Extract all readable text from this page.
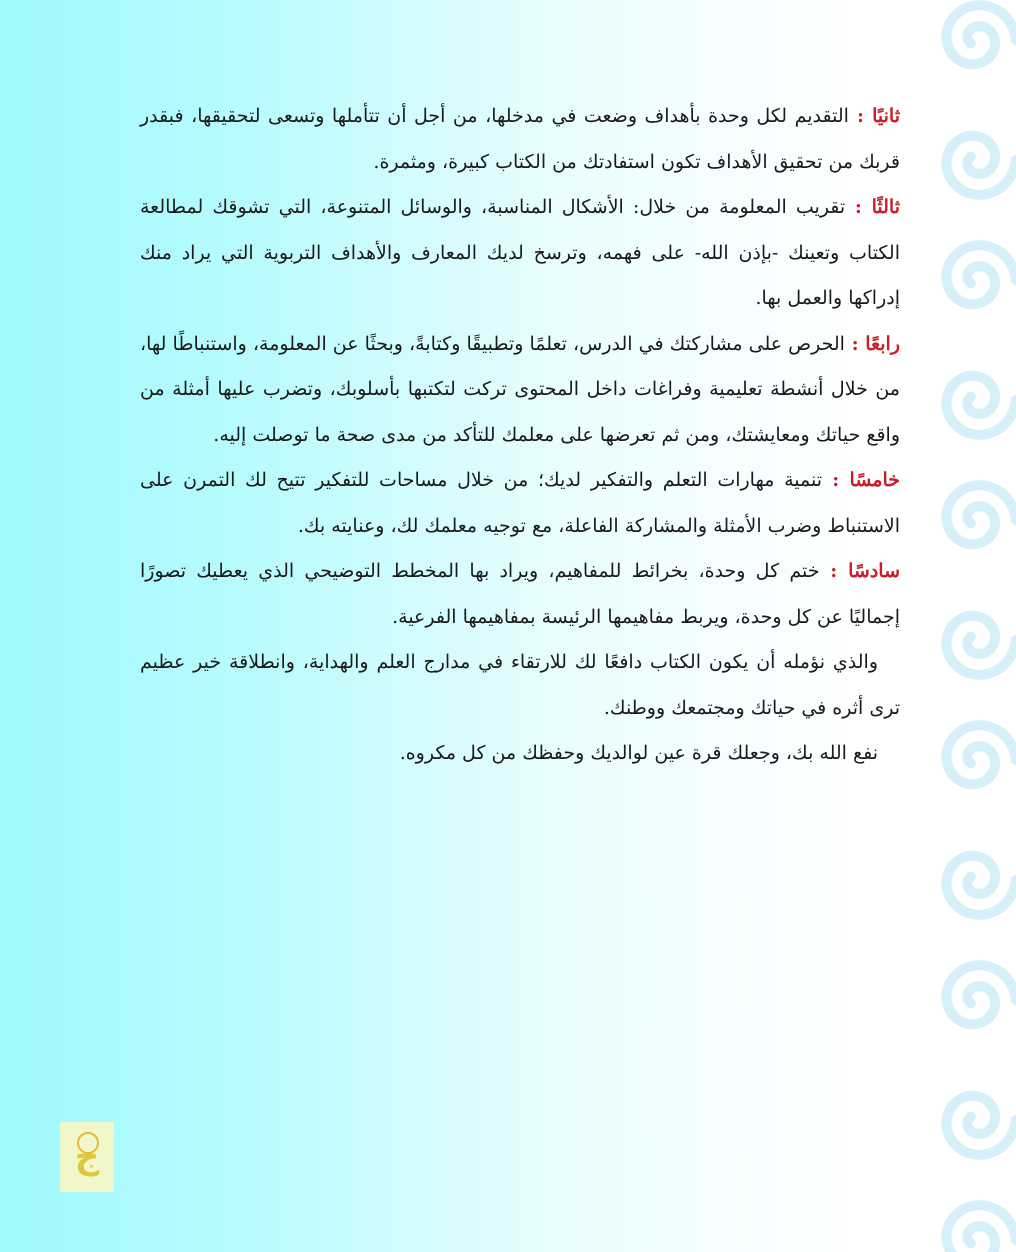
ثانيًا : التقديم لكل وحدة بأهداف وضعت في مدخلها، من أجل أن تتأملها وتسعى لتحقيقها، فبقدر قربك من تحقيق الأهداف تكون استفادتك من الكتاب كبيرة، ومثمرة.

ثالثًا : تقريب المعلومة من خلال: الأشكال المناسبة، والوسائل المتنوعة، التي تشوقك لمطالعة الكتاب وتعينك -بإذن الله- على فهمه، وترسخ لديك المعارف والأهداف التربوية التي يراد منك إدراكها والعمل بها.

رابعًا : الحرص على مشاركتك في الدرس، تعلمًا وتطبيقًا وكتابةً، وبحثًا عن المعلومة، واستنباطًا لها، من خلال أنشطة تعليمية وفراغات داخل المحتوى تركت لتكتبها بأسلوبك، وتضرب عليها أمثلة من واقع حياتك ومعايشتك، ومن ثم تعرضها على معلمك للتأكد من مدى صحة ما توصلت إليه.

خامسًا : تنمية مهارات التعلم والتفكير لديك؛ من خلال مساحات للتفكير تتيح لك التمرن على الاستنباط وضرب الأمثلة والمشاركة الفاعلة، مع توجيه معلمك لك، وعنايته بك.

سادسًا : ختم كل وحدة، بخرائط للمفاهيم، ويراد بها المخطط التوضيحي الذي يعطيك تصورًا إجماليًا عن كل وحدة، ويربط مفاهيمها الرئيسة بمفاهيمها الفرعية.

والذي نؤمله أن يكون الكتاب دافعًا لك للارتقاء في مدارج العلم والهداية، وانطلاقة خير عظيم ترى أثره في حياتك ومجتمعك ووطنك.

نفع الله بك، وجعلك قرة عين لوالديك وحفظك من كل مكروه.

ج
